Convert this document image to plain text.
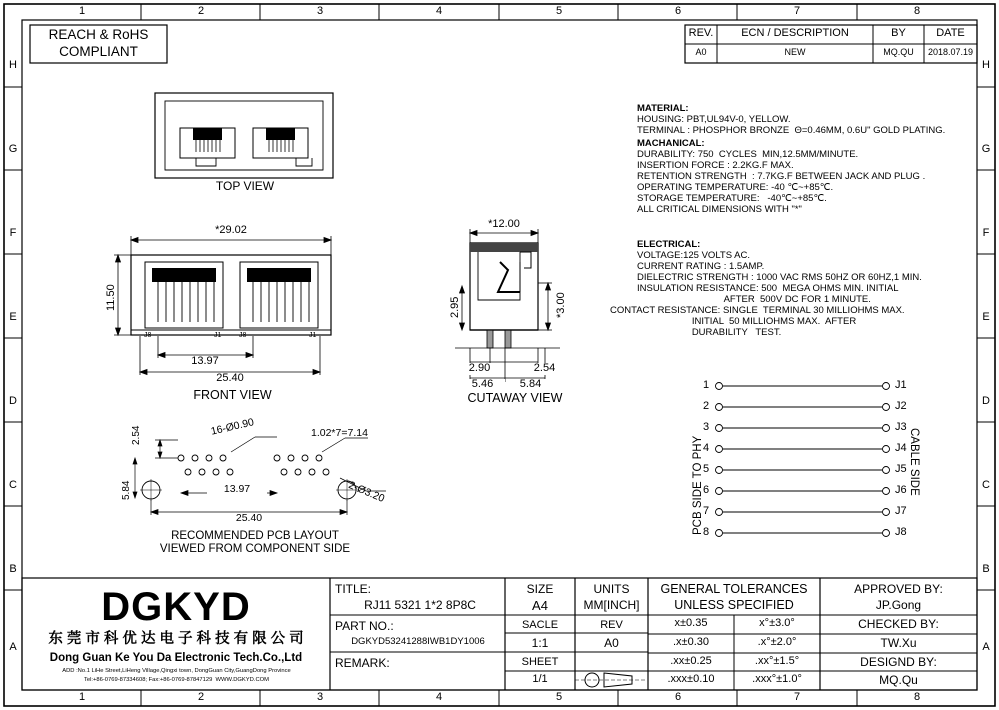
1	2	3	4	5	6	7	8
1	2	3	4	5	6	7	8
H
G
F
E
D
C
B
A
H
G
F
E
D
C
B
A
REACH & RoHS
COMPLIANT
REV.	ECN / DESCRIPTION	BY	DATE
A0	NEW	MQ.QU	2018.07.19
MATERIAL:
HOUSING: PBT,UL94V-0, YELLOW.
TERMINAL : PHOSPHOR BRONZE  Θ=0.46MM, 0.6U" GOLD PLATING.
MACHANICAL:
DURABILITY: 750  CYCLES  MIN,12.5MM/MINUTE.
INSERTION FORCE : 2.2KG.F MAX.
RETENTION STRENGTH  : 7.7KG.F BETWEEN JACK AND PLUG .
OPERATING TEMPERATURE: -40 ℃~+85℃.
STORAGE TEMPERATURE:   -40℃~+85℃.
ALL CRITICAL DIMENSIONS WITH "*"
ELECTRICAL:
VOLTAGE:125 VOLTS AC.
CURRENT RATING : 1.5AMP.
DIELECTRIC STRENGTH : 1000 VAC RMS 50HZ OR 60HZ,1 MIN.
INSULATION RESISTANCE: 500  MEGA OHMS MIN. INITIAL
AFTER  500V DC FOR 1 MINUTE.
CONTACT RESISTANCE: SINGLE  TERMINAL 30 MILLIOHMS MAX.
INITIAL  50 MILLIOHMS MAX.  AFTER
DURABILITY   TEST.
TOP VIEW
*29.02
11.50
13.97
25.40
J8	J1	J8	J1
FRONT VIEW
*12.00
2.95	*3.00
2.90	2.54
5.46	5.84
CUTAWAY VIEW
2.54
5.84
16-Ø0.90	1.02*7=7.14
2-Ø3.20
13.97
25.40
RECOMMENDED PCB LAYOUT
VIEWED FROM COMPONENT SIDE
1
2
3
4
5
6
7
8
J1
J2
J3
J4
J5
J6
J7
J8
PCB SIDE TO PHY	CABLE SIDE
DGKYD
东 莞 市 科 优 达 电 子 科 技 有 限 公 司
Dong Guan Ke You Da Electronic Tech.Co.,Ltd
ADD :No.1 LiHe Street,LiHeng Village,Qingxi town, DongGuan City,GuangDong Province
Tel:+86-0769-87334608; Fax:+86-0769-87847129  WWW.DGKYD.COM
TITLE:
RJ11 5321 1*2 8P8C
PART NO.:
DGKYD53241288IWB1DY1006
REMARK:
SIZE
A4
SACLE
1:1
SHEET
1/1
UNITS
MM[INCH]
REV
A0
GENERAL TOLERANCES
UNLESS SPECIFIED
x±0.35	x°±3.0°
.x±0.30	.x°±2.0°
.xx±0.25	.xx°±1.5°
.xxx±0.10	.xxx°±1.0°
APPROVED BY:
JP.Gong
CHECKED BY:
TW.Xu
DESIGND BY:
MQ.Qu
